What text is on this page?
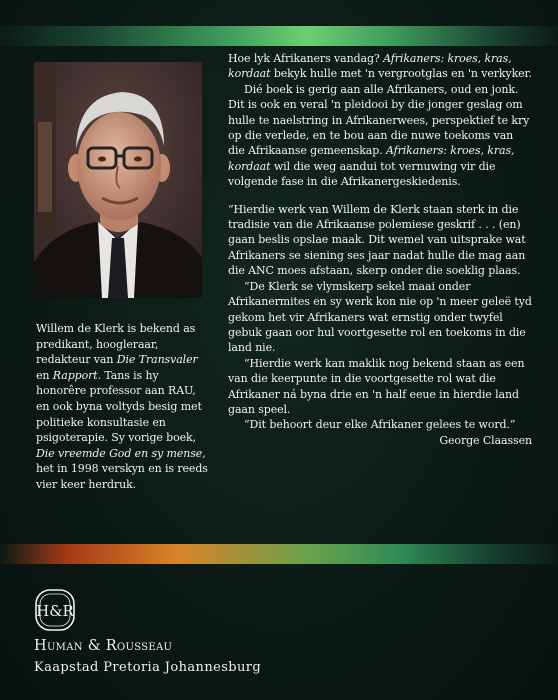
Willem de Klerk is bekend as predikant, hoogleraar, redakteur van Die Transvaler en Rapport. Tans is hy honorêre professor aan RAU, en ook byna voltyds besig met politieke konsultasie en psigoterapie. Sy vorige boek, Die vreemde God en sy mense, het in 1998 verskyn en is reeds vier keer herdruk.

Hoe lyk Afrikaners vandag? Afrikaners: kroes, kras, kordaat bekyk hulle met 'n vergrootglas en 'n verkyker.

Dié boek is gerig aan alle Afrikaners, oud en jonk. Dit is ook en veral 'n pleidooi by die jonger geslag om hulle te naelstring in Afrikanerwees, perspektief te kry op die verlede, en te bou aan die nuwe toekoms van die Afrikaanse gemeenskap. Afrikaners: kroes, kras, kordaat wil die weg aandui tot vernuwing vir die volgende fase in die Afrikanergeskiedenis.

“Hierdie werk van Willem de Klerk staan sterk in die tradisie van die Afrikaanse polemiese geskrif . . . (en) gaan beslis opslae maak. Dit wemel van uitsprake wat Afrikaners se siening ses jaar nadat hulle die mag aan die ANC moes afstaan, skerp onder die soeklig plaas.

“De Klerk se vlymskerp sekel maai onder Afrikanermites en sy werk kon nie op 'n meer geleë tyd gekom het vir Afrikaners wat ernstig onder twyfel gebuk gaan oor hul voortgesette rol en toekoms in die land nie.

“Hierdie werk kan maklik nog bekend staan as een van die keerpunte in die voortgesette rol wat die Afrikaner ná byna drie en 'n half eeue in hierdie land gaan speel.

“Dit behoort deur elke Afrikaner gelees te word.”

George Claassen

H&R
Human & Rousseau
Kaapstad Pretoria Johannesburg
